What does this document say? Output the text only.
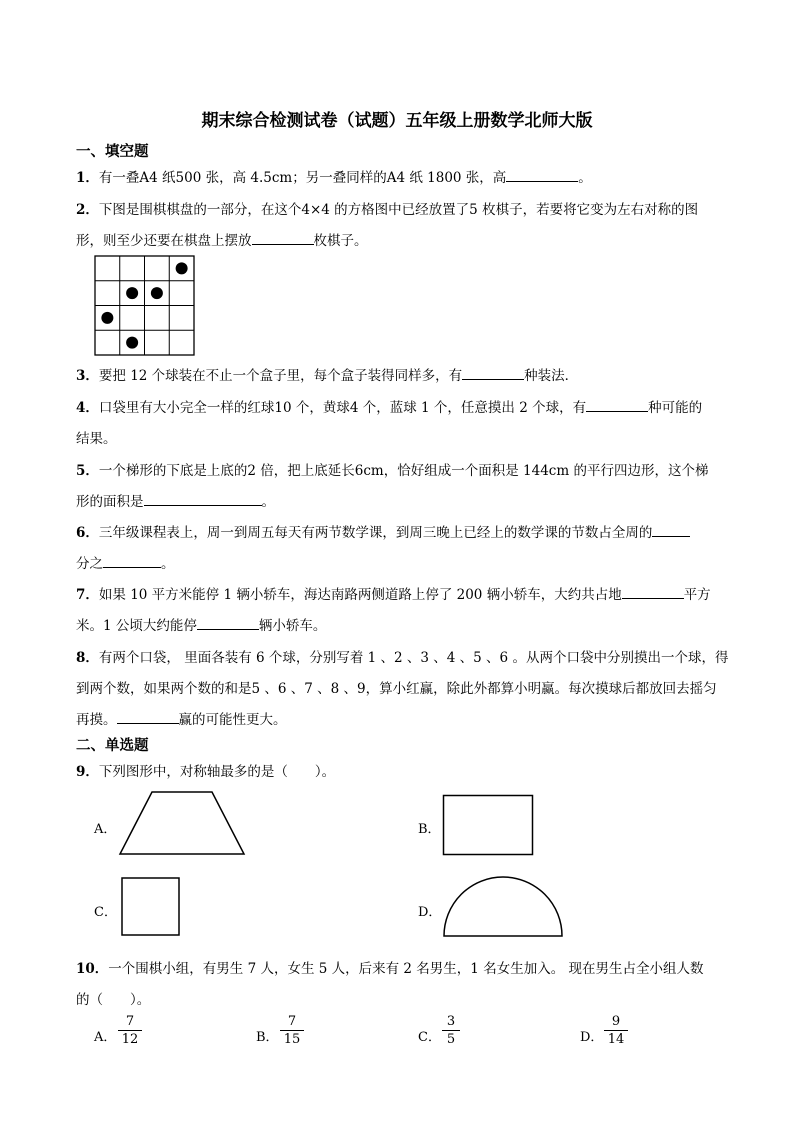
期末综合检测试卷（试题）五年级上册数学北师大版
一、填空题
1．有一叠A4 纸500 张，高 4.5cm；另一叠同样的A4 纸 1800 张，高	。
2．下图是围棋棋盘的一部分，在这个4×4 的方格图中已经放置了5 枚棋子，若要将它变为左右对称的图
形，则至少还要在棋盘上摆放	枚棋子。
3．要把 12 个球装在不止一个盒子里，每个盒子装得同样多，有	种装法．
4．口袋里有大小完全一样的红球10 个，黄球4 个，蓝球 1 个，任意摸出 2 个球，有	种可能的
结果。
5．一个梯形的下底是上底的2 倍，把上底延长6cm，恰好组成一个面积是 144cm 的平行四边形，这个梯
形的面积是	。
6．三年级课程表上，周一到周五每天有两节数学课，到周三晚上已经上的数学课的节数占全周的
分之	。
7．如果 10 平方米能停 1 辆小轿车，海达南路两侧道路上停了 200 辆小轿车，大约共占地	平方
米。1 公顷大约能停	辆小轿车。
8．有两个口袋， 里面各装有 6 个球，分别写着 1 、2 、3 、4 、5 、6 。从两个口袋中分别摸出一个球，得
到两个数，如果两个数的和是5 、6 、7 、8 、9，算小红赢，除此外都算小明赢。每次摸球后都放回去摇匀
再摸。	赢的可能性更大。
二、单选题
9．下列图形中，对称轴最多的是（　　）。
A．	B．
C．	D．
10．一个围棋小组，有男生 7 人，女生 5 人，后来有 2 名男生，1 名女生加入。 现在男生占全小组人数
的（　　）。
A．
7
12	B．
7
15	C．
3
5	D．
9
14
